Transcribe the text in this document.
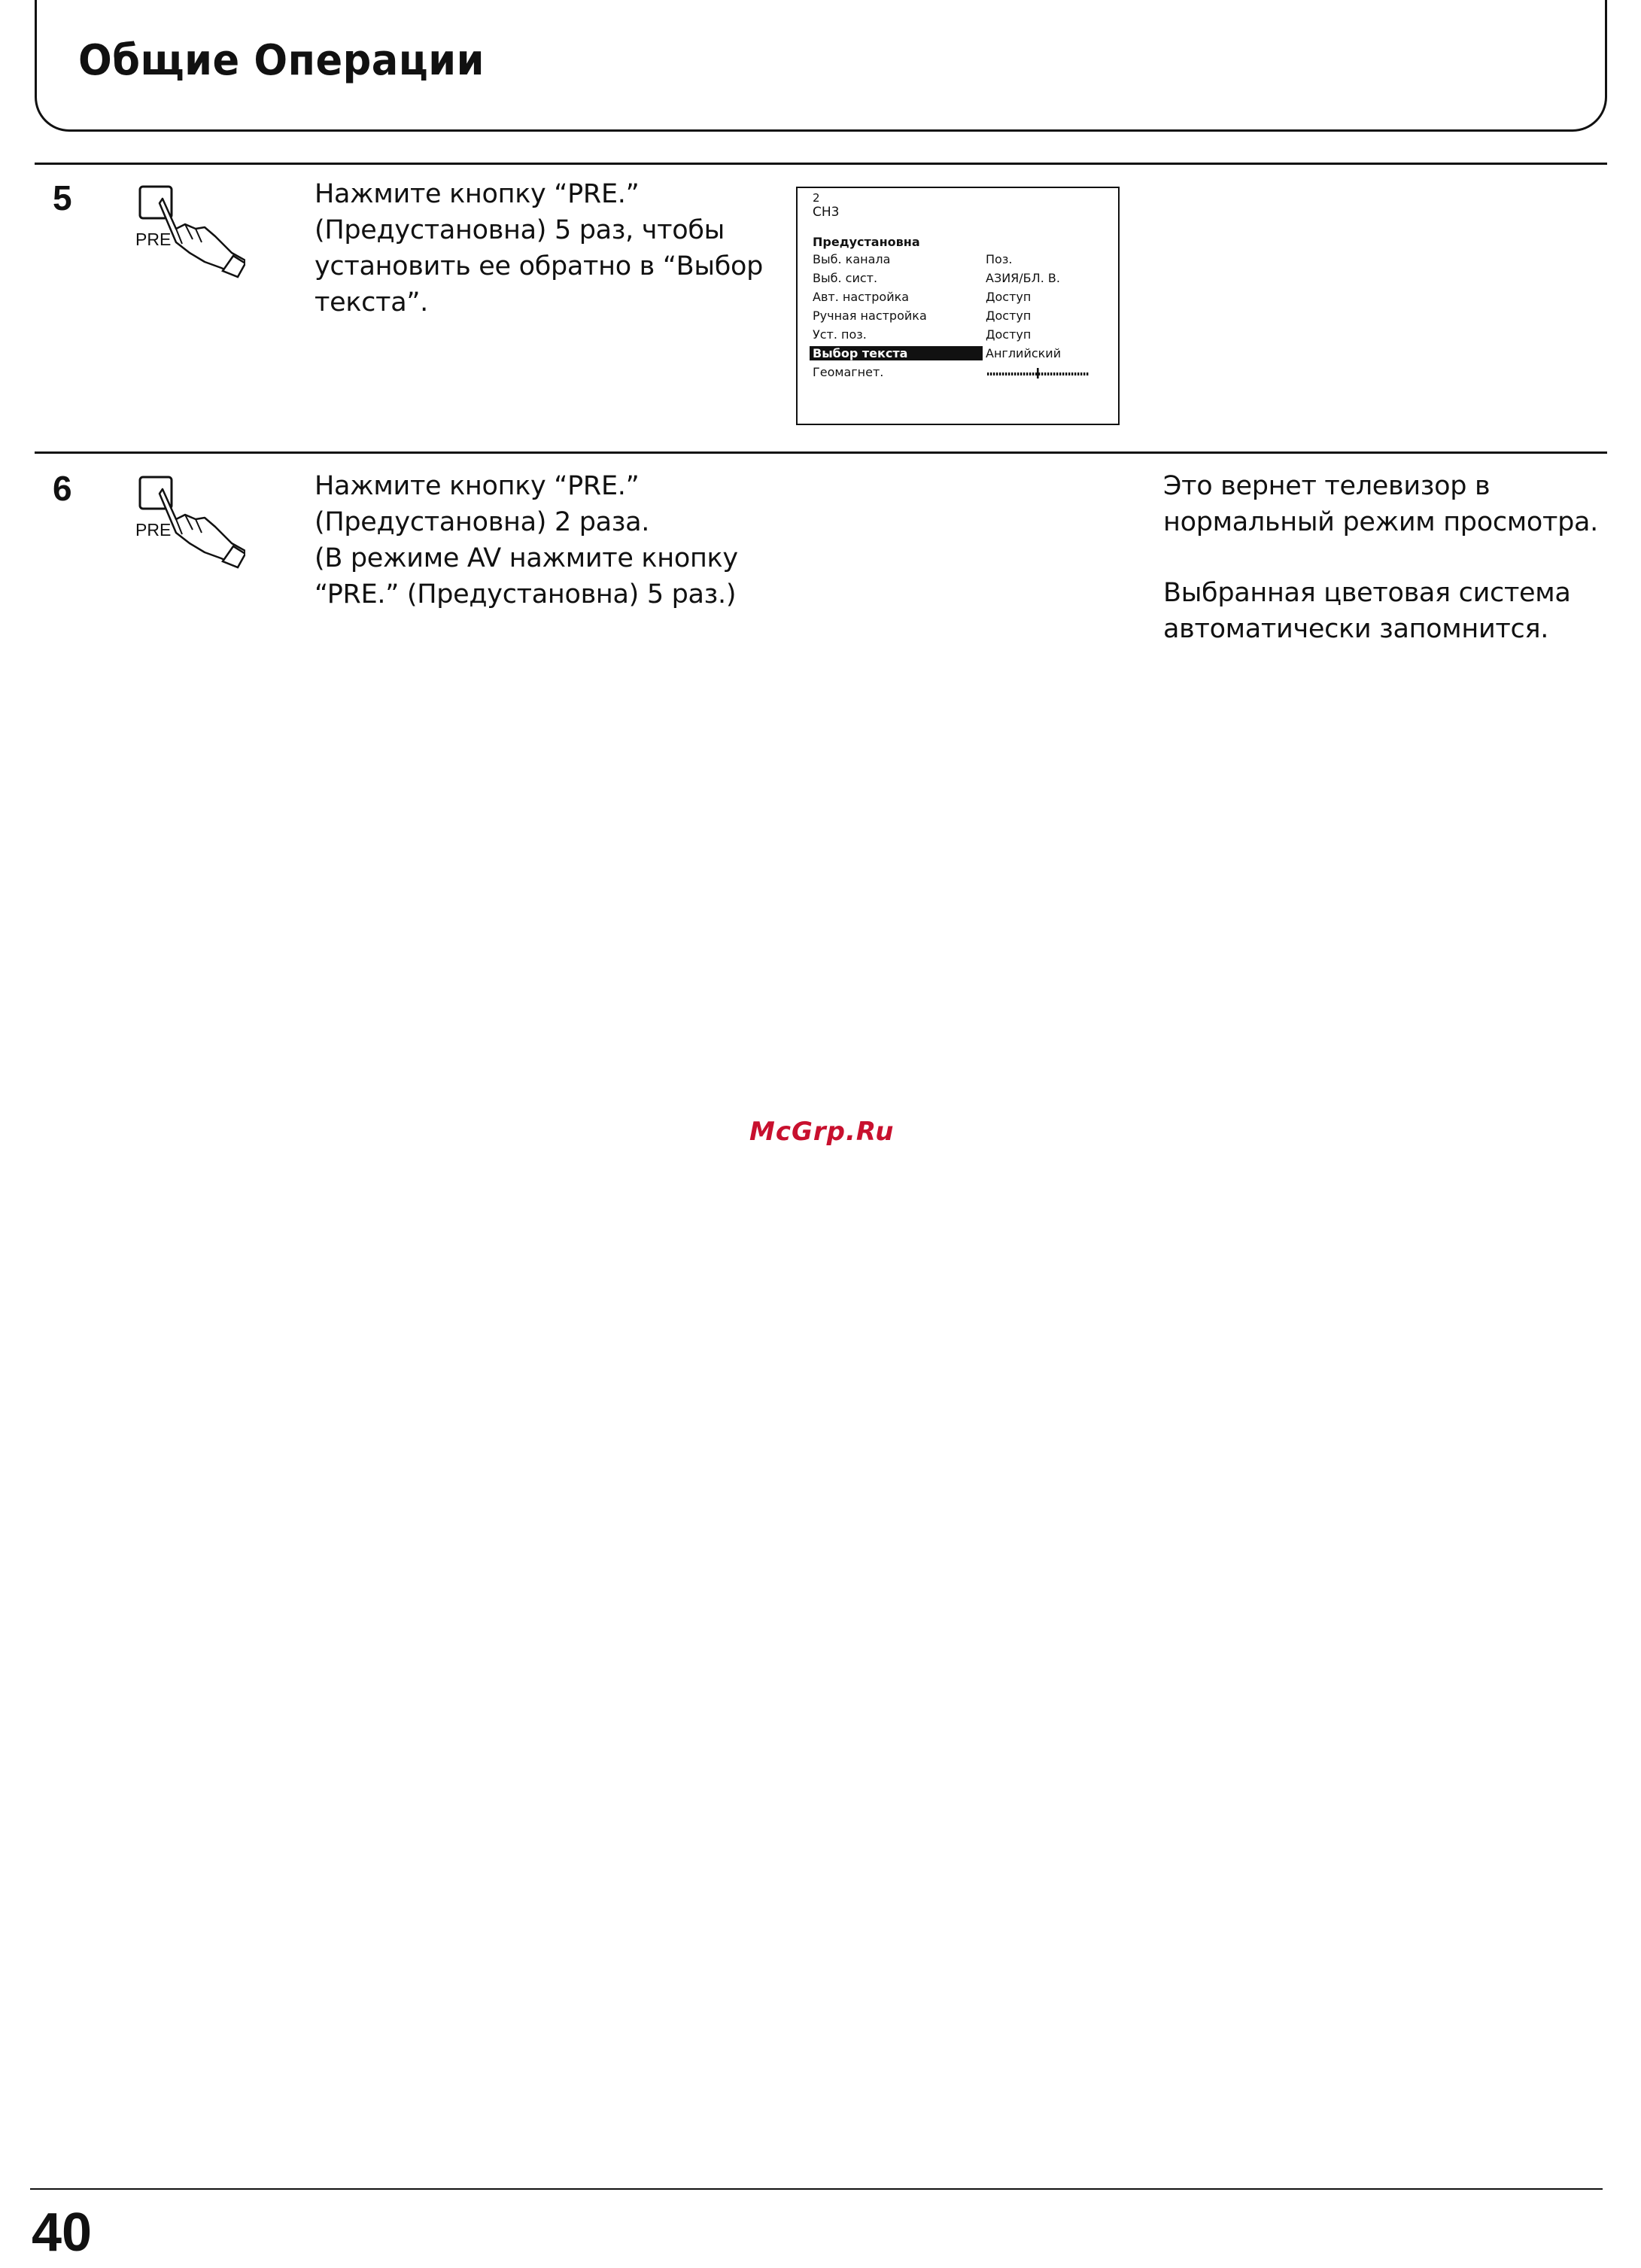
Общие Операции
5
PRE
Нажмите кнопку “PRE.”
(Предустановна) 5 раз, чтобы
установить ее обратно в “Выбор
текста”.
2
CH3
Предустановна
Выб. канала	Поз.
Выб. сист.	АЗИЯ/БЛ. В.
Авт. настройка	Доступ
Ручная настройка	Доступ
Уст. поз.	Доступ
Выбор текста	Английский
Геомагнет.
6
PRE
Нажмите кнопку “PRE.”
(Предустановна) 2 раза.
(В режиме AV нажмите кнопку
“PRE.” (Предустановна) 5 раз.)
Это вернет телевизор в
нормальный режим просмотра.
Выбранная цветовая система
автоматически запомнится.
McGrp.Ru
40
